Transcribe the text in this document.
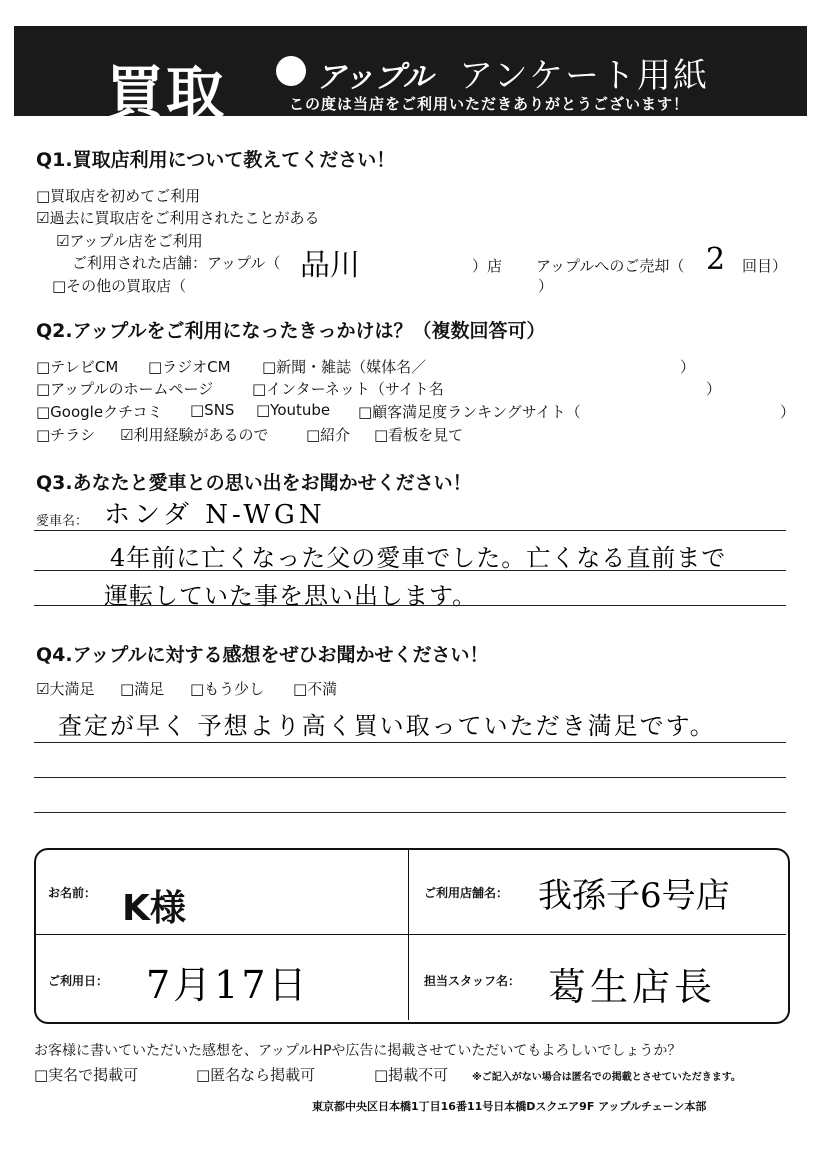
買取	アップル アンケート用紙
この度は当店をご利用いただきありがとうございます！
Q1.買取店利用について教えてください！
□買取店を初めてご利用
☑過去に買取店をご利用されたことがある
☑アップル店をご利用
ご利用された店舗：アップル（ 品川	）店 アップルへのご売却（ 2 回目）
□その他の買取店（	）
Q2.アップルをご利用になったきっかけは？（複数回答可）
□テレビCM □ラジオCM □新聞・雑誌（媒体名／	）
□アップルのホームページ	□インターネット（サイト名	）
□Googleクチコミ □SNS □Youtube □顧客満足度ランキングサイト（	）
□チラシ ☑利用経験があるので	□紹介 □看板を見て
Q3.あなたと愛車との思い出をお聞かせください！
愛車名： ホンダ N-WGN
4年前に亡くなった父の愛車でした。亡くなる直前まで
運転していた事を思い出します。
Q4.アップルに対する感想をぜひお聞かせください！
☑大満足 □満足 □もう少し □不満
査定が早く 予想より高く買い取っていただき満足です。
お名前： K様	ご利用店舗名： 我孫子6号店
ご利用日： 7月17日	担当スタッフ名： 葛生店長
お客様に書いていただいた感想を、アップルHPや広告に掲載させていただいてもよろしいでしょうか？
□実名で掲載可	□匿名なら掲載可	□掲載不可 ※ご記入がない場合は匿名での掲載とさせていただきます。
東京都中央区日本橋1丁目16番11号日本橋Dスクエア9F アップルチェーン本部
